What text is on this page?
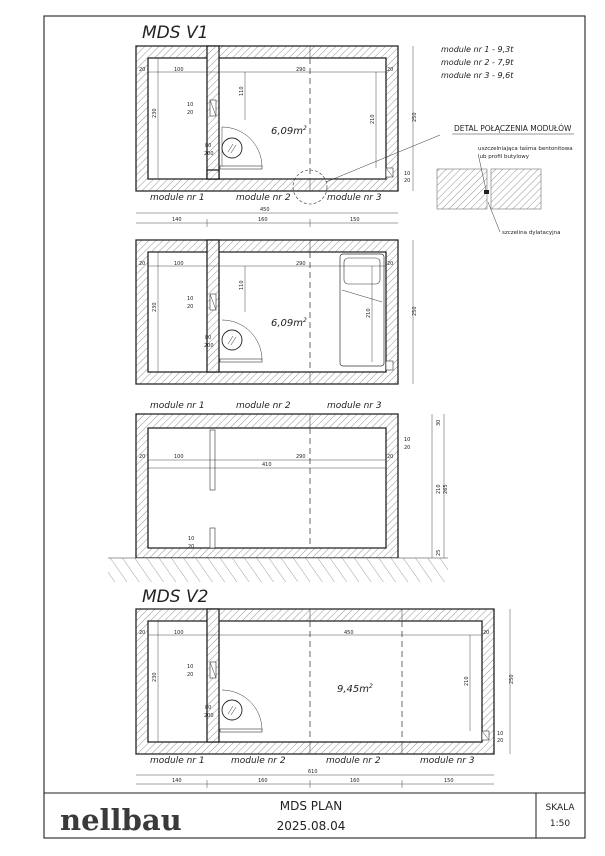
MDS V1
module nr 1 - 9,3t
module nr 2 - 7,9t
module nr 3 - 9,6t
20	100	290	20
230
110
210
10
20
80
200
10
20
250
$6,09m^2$
module nr 1	module nr 2	module nr 3
450
140	160	150
DETAL POŁĄCZENIA MODUŁÓW
uszczelniająca taśma bentonitowa
lub profil butylowy
szczelina dylatacyjna
20	100	290	20
230
110
210
10
20
80
200
250
$6,09m^2$
module nr 1	module nr 2	module nr 3
20	100	290	20
410
10
20
10
20
30
210 265
25
MDS V2
20	100	450	20
230	210	250
10
20
80
200
10
20
$9,45m^2$
module nr 1	module nr 2	module nr 2	module nr 3
610
140	160	160	150
nellbau	MDS PLAN
2025.08.04
SKALA
1:50
